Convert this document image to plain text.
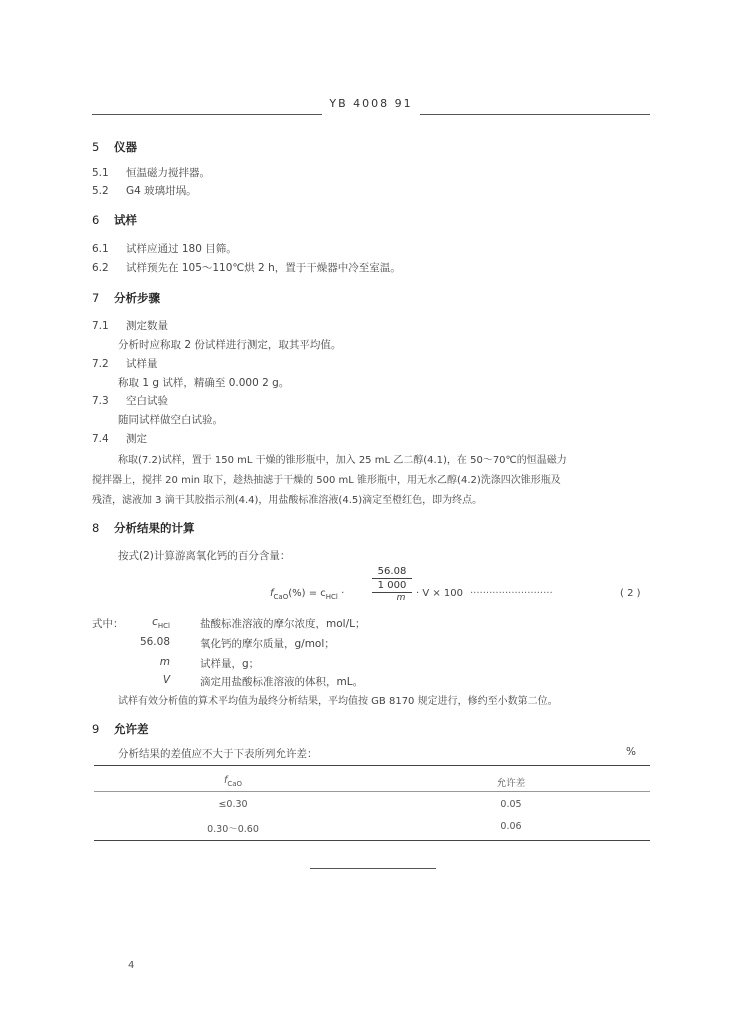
YB 4008 91
5 仪器
5.1 恒温磁力搅拌器。
5.2 G4 玻璃坩埚。
6 试样
6.1 试样应通过 180 目筛。
6.2 试样预先在 105～110℃烘 2 h，置于干燥器中冷至室温。
7 分析步骤
7.1 测定数量
分析时应称取 2 份试样进行测定，取其平均值。
7.2 试样量
称取 1 g 试样，精确至 0.000 2 g。
7.3 空白试验
随同试样做空白试验。
7.4 测定
称取(7.2)试样，置于 150 mL 干燥的锥形瓶中，加入 25 mL 乙二醇(4.1)，在 50～70℃的恒温磁力
搅拌器上，搅拌 20 min 取下，趁热抽滤于干燥的 500 mL 锥形瓶中，用无水乙醇(4.2)洗涤四次锥形瓶及
残渣，滤液加 3 滴干其胶指示剂(4.4)，用盐酸标准溶液(4.5)滴定至橙红色，即为终点。
8 分析结果的计算
按式(2)计算游离氧化钙的百分含量：
$f_{CaO}(\%) = c_{HCl}$ ·
56.08
1 000
m	· V × 100 ··························	( 2 )
式中：	$c_{HCl}$	盐酸标准溶液的摩尔浓度，mol/L；
56.08	氧化钙的摩尔质量，g/mol；
m	试样量，g；
V	滴定用盐酸标准溶液的体积，mL。
试样有效分析值的算术平均值为最终分析结果，平均值按 GB 8170 规定进行，修约至小数第二位。
9 允许差
分析结果的差值应不大于下表所列允许差：	%
$f_{CaO}$	允许差
≤0.30	0.05
0.30～0.60	0.06
4
